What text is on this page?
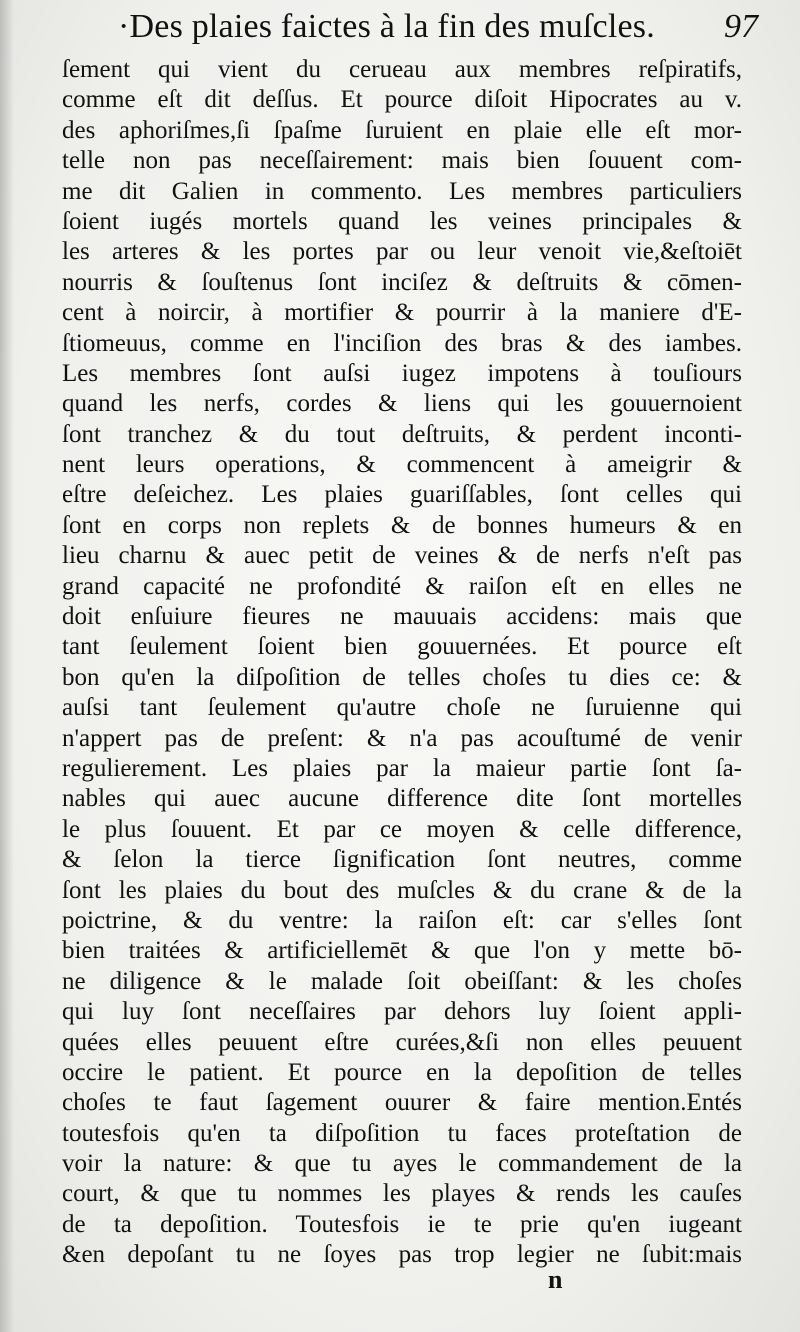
·Des plaies faictes à la fin des muſcles. 97
ſement qui vient du cerueau aux membres reſpiratifs,
comme eſt dit deſſus. Et pource diſoit Hipocrates au v.
des aphoriſmes,ſi ſpaſme ſuruient en plaie elle eſt mor-
telle non pas neceſſairement: mais bien ſouuent com-
me dit Galien in commento. Les membres particuliers
ſoient iugés mortels quand les veines principales &
les arteres & les portes par ou leur venoit vie,&eſtoiēt
nourris & ſouſtenus ſont inciſez & deſtruits & cōmen-
cent à noircir, à mortifier & pourrir à la maniere d'E-
ſtiomeuus, comme en l'inciſion des bras & des iambes.
Les membres ſont auſsi iugez impotens à touſiours
quand les nerfs, cordes & liens qui les gouuernoient
ſont tranchez & du tout deſtruits, & perdent inconti-
nent leurs operations, & commencent à ameigrir &
eſtre deſeichez. Les plaies guariſſables, ſont celles qui
ſont en corps non replets & de bonnes humeurs & en
lieu charnu & auec petit de veines & de nerfs n'eſt pas
grand capacité ne profondité & raiſon eſt en elles ne
doit enſuiure fieures ne mauuais accidens: mais que
tant ſeulement ſoient bien gouuernées. Et pource eſt
bon qu'en la diſpoſition de telles choſes tu dies ce: &
auſsi tant ſeulement qu'autre choſe ne ſuruienne qui
n'appert pas de preſent: & n'a pas acouſtumé de venir
regulierement. Les plaies par la maieur partie ſont ſa-
nables qui auec aucune difference dite ſont mortelles
le plus ſouuent. Et par ce moyen & celle difference,
& ſelon la tierce ſignification ſont neutres, comme
ſont les plaies du bout des muſcles & du crane & de la
poictrine, & du ventre: la raiſon eſt: car s'elles ſont
bien traitées & artificiellemēt & que l'on y mette bō-
ne diligence & le malade ſoit obeiſſant: & les choſes
qui luy ſont neceſſaires par dehors luy ſoient appli-
quées elles peuuent eſtre curées,&ſi non elles peuuent
occire le patient. Et pource en la depoſition de telles
choſes te faut ſagement ouurer & faire mention.Entés
toutesfois qu'en ta diſpoſition tu faces proteſtation de
voir la nature: & que tu ayes le commandement de la
court, & que tu nommes les playes & rends les cauſes
de ta depoſition. Toutesfois ie te prie qu'en iugeant
&en depoſant tu ne ſoyes pas trop legier ne ſubit:mais
n
